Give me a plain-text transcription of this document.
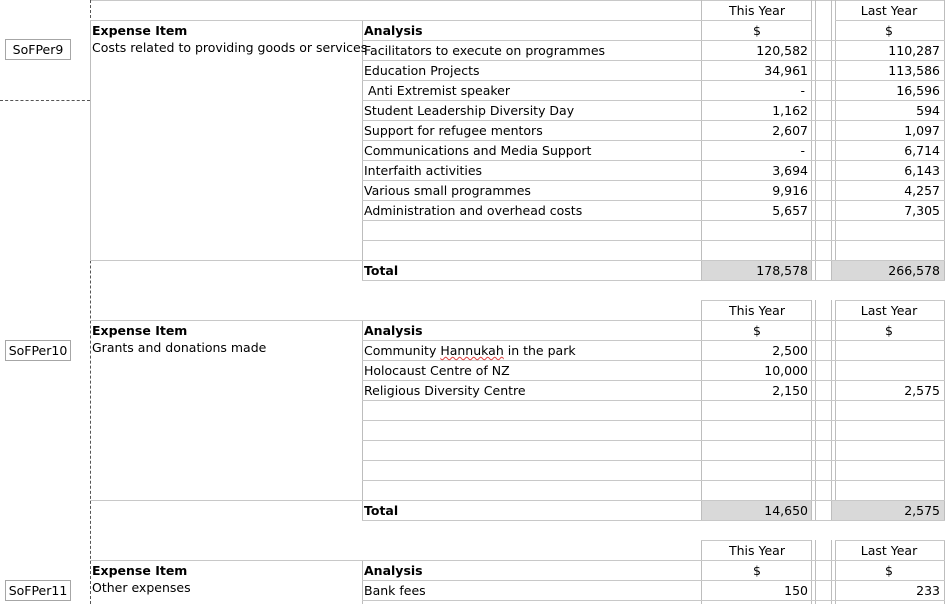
SoFPer9
This Year	Last Year
$	$
Expense Item
Costs related to providing goods or services
Analysis
Facilitators to execute on programmes	120,582	110,287
Education Projects	34,961	113,586
Anti Extremist speaker	-	16,596
Student Leadership Diversity Day	1,162	594
Support for refugee mentors	2,607	1,097
Communications and Media Support	-	6,714
Interfaith activities	3,694	6,143
Various small programmes	9,916	4,257
Administration and overhead costs	5,657	7,305
Total	178,578	266,578
SoFPer10
This Year	Last Year
$	$
Expense Item
Grants and donations made
Analysis
Community Hannukah in the park	2,500
Holocaust Centre of NZ	10,000
Religious Diversity Centre	2,150	2,575
Total	14,650	2,575
SoFPer11
This Year	Last Year
$	$
Expense Item
Other expenses
Analysis
Bank fees	150	233
